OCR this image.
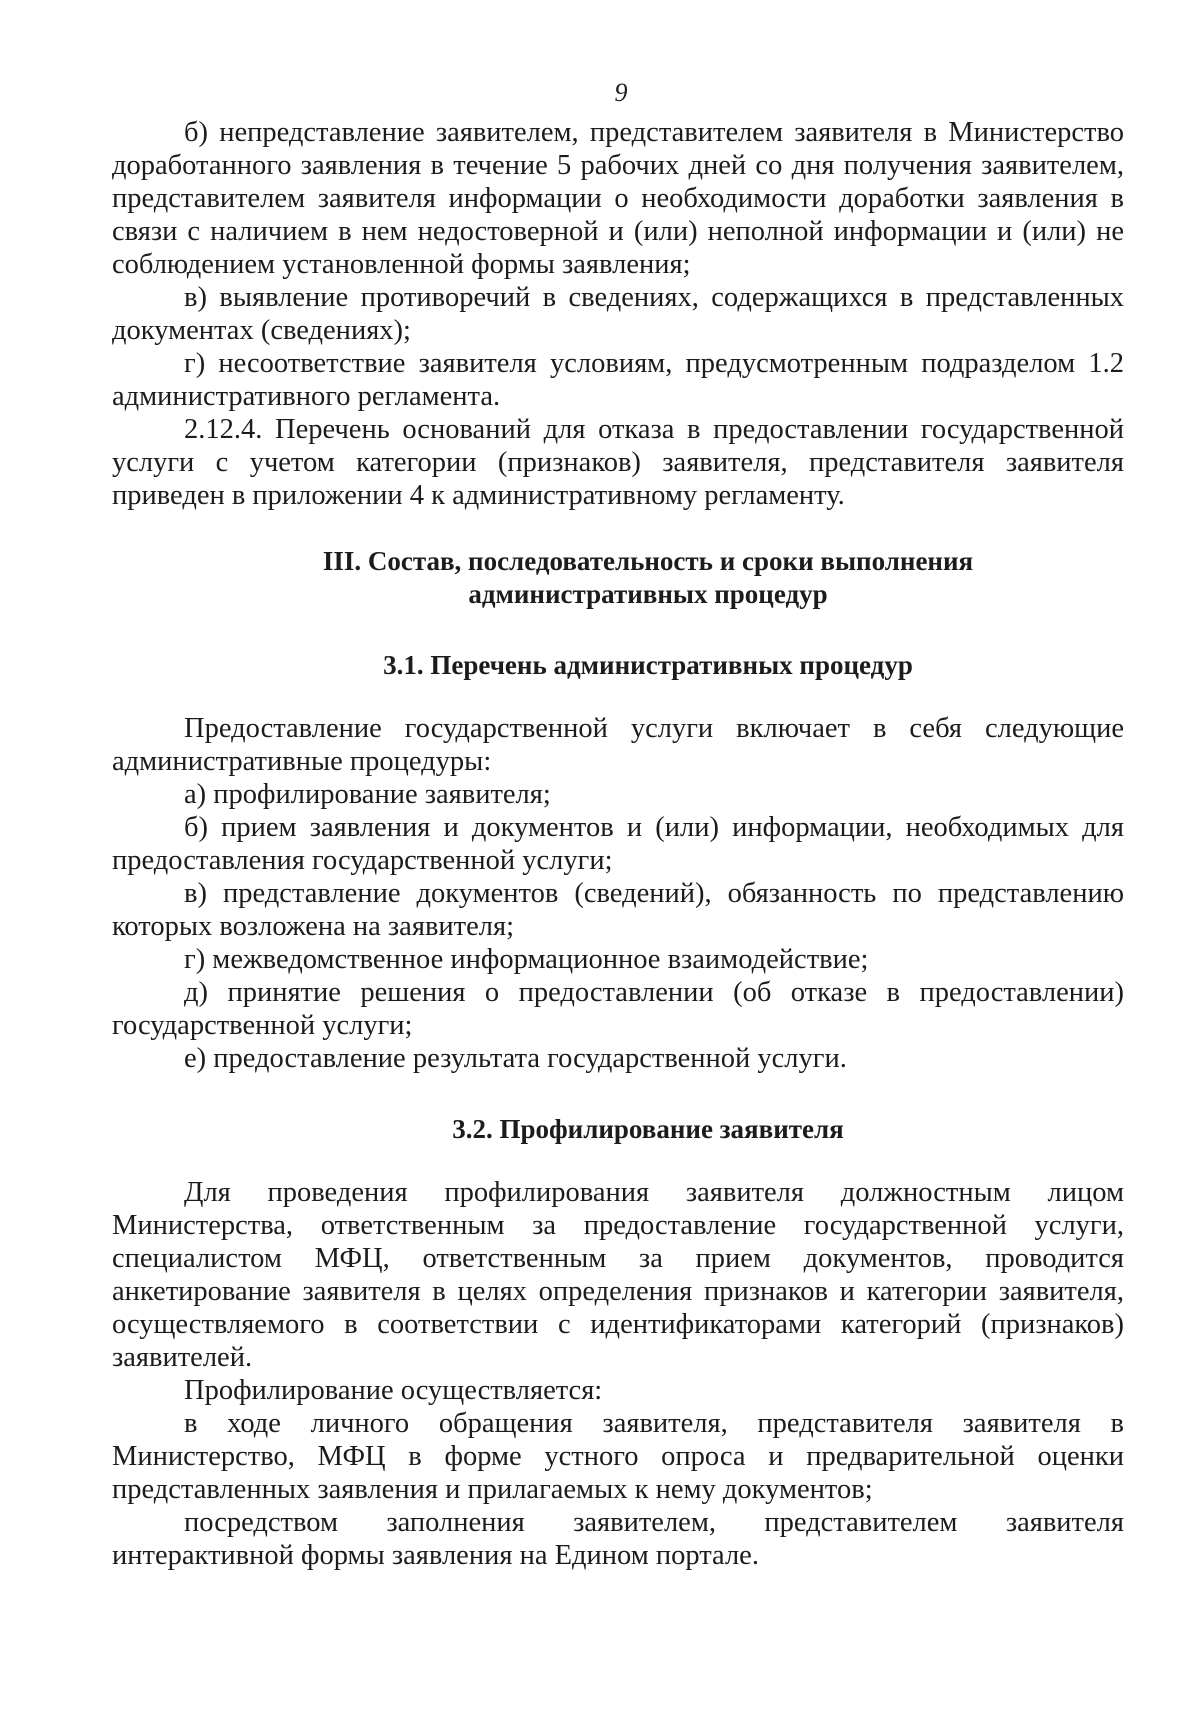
9

б) непредставление заявителем, представителем заявителя в Министерство доработанного заявления в течение 5 рабочих дней со дня получения заявителем, представителем заявителя информации о необходимости доработки заявления в связи с наличием в нем недостоверной и (или) неполной информации и (или) не соблюдением установленной формы заявления;

в) выявление противоречий в сведениях, содержащихся в представленных документах (сведениях);

г) несоответствие заявителя условиям, предусмотренным подразделом 1.2 административного регламента.

2.12.4. Перечень оснований для отказа в предоставлении государственной услуги с учетом категории (признаков) заявителя, представителя заявителя приведен в приложении 4 к административному регламенту.

III. Состав, последовательность и сроки выполнения
административных процедур
3.1. Перечень административных процедур

Предоставление государственной услуги включает в себя следующие административные процедуры:

а) профилирование заявителя;

б) прием заявления и документов и (или) информации, необходимых для предоставления государственной услуги;

в) представление документов (сведений), обязанность по представлению которых возложена на заявителя;

г) межведомственное информационное взаимодействие;

д) принятие решения о предоставлении (об отказе в предоставлении) государственной услуги;

е) предоставление результата государственной услуги.

3.2. Профилирование заявителя

Для проведения профилирования заявителя должностным лицом Министерства, ответственным за предоставление государственной услуги, специалистом МФЦ, ответственным за прием документов, проводится анкетирование заявителя в целях определения признаков и категории заявителя, осуществляемого в соответствии с идентификаторами категорий (признаков) заявителей.

Профилирование осуществляется:

в ходе личного обращения заявителя, представителя заявителя в Министерство, МФЦ в форме устного опроса и предварительной оценки представленных заявления и прилагаемых к нему документов;

посредством заполнения заявителем, представителем заявителя интерактивной формы заявления на Едином портале.
